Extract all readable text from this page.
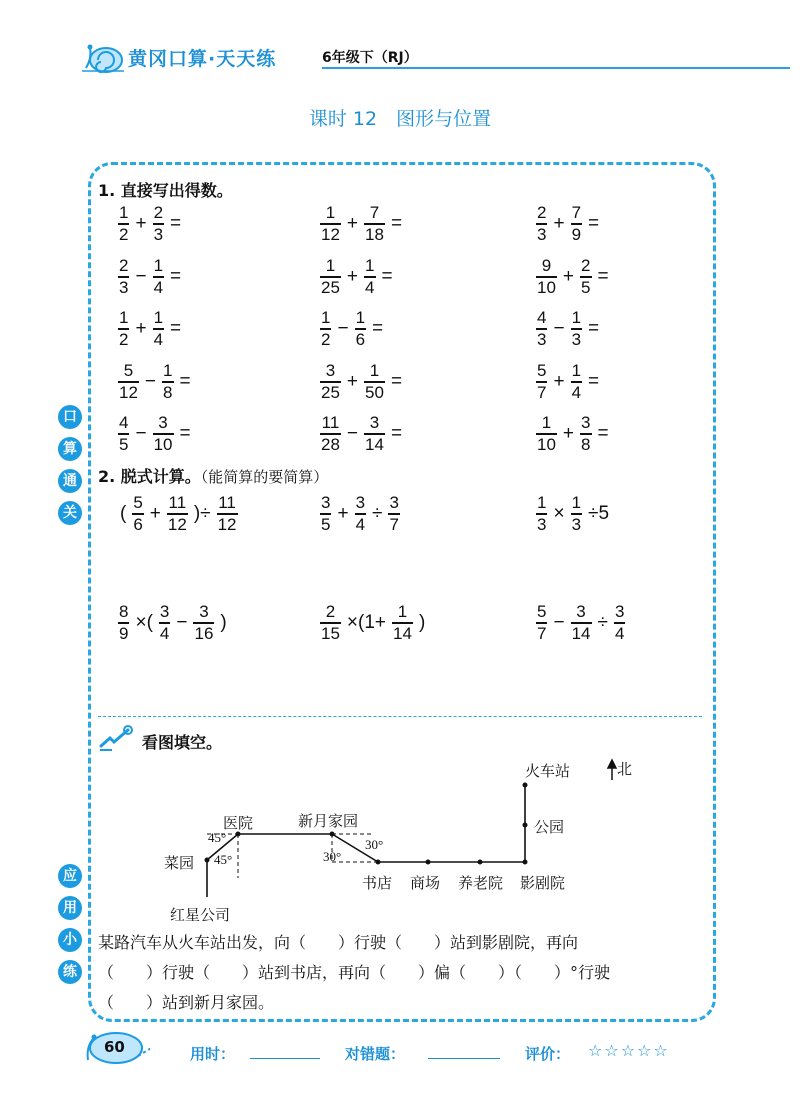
黄冈口算·天天练	6年级下（RJ）
课时 12　图形与位置
口
算
通
关
应
用
小
练
1. 直接写出得数。
$\frac{1}{2} + \frac{2}{3}$ =	$\frac{1}{12} + \frac{7}{18}$ =	$\frac{2}{3} + \frac{7}{9}$ =
$\frac{2}{3} - \frac{1}{4}$ =	$\frac{1}{25} + \frac{1}{4}$ =	$\frac{9}{10} + \frac{2}{5}$ =
$\frac{1}{2} + \frac{1}{4}$ =	$\frac{1}{2} - \frac{1}{6}$ =	$\frac{4}{3} - \frac{1}{3}$ =
$\frac{5}{12} - \frac{1}{8}$ =	$\frac{3}{25} + \frac{1}{50}$ =	$\frac{5}{7} + \frac{1}{4}$ =
$\frac{4}{5} - \frac{3}{10}$ =	$\frac{11}{28} - \frac{3}{14}$ =	$\frac{1}{10} + \frac{3}{8}$ =
2. 脱式计算。（能简算的要简算）
( $\frac{5}{6} + \frac{11}{12}$ )÷ $\frac{11}{12}$	$\frac{3}{5} + \frac{3}{4} \div \frac{3}{7}$	$\frac{1}{3} \times \frac{1}{3} \div 5$
$\frac{8}{9}$ ×( $\frac{3}{4} - \frac{3}{16}$ )	$\frac{2}{15} \times(1+ \frac{1}{14}$ )	$\frac{5}{7} - \frac{3}{14} \div \frac{3}{4}$
看图填空。
北
火车站
公园
书店 商场 养老院 影剧院
医院	新月家园
菜园
红星公司
45°
45°
30°
30°
某路汽车从火车站出发，向（　　）行驶（　　）站到影剧院，再向
（　　）行驶（　　）站到书店，再向（　　）偏（　　）（　　）°行驶
（　　）站到新月家园。
60	用时：	对错题：	评价： ☆☆☆☆☆
